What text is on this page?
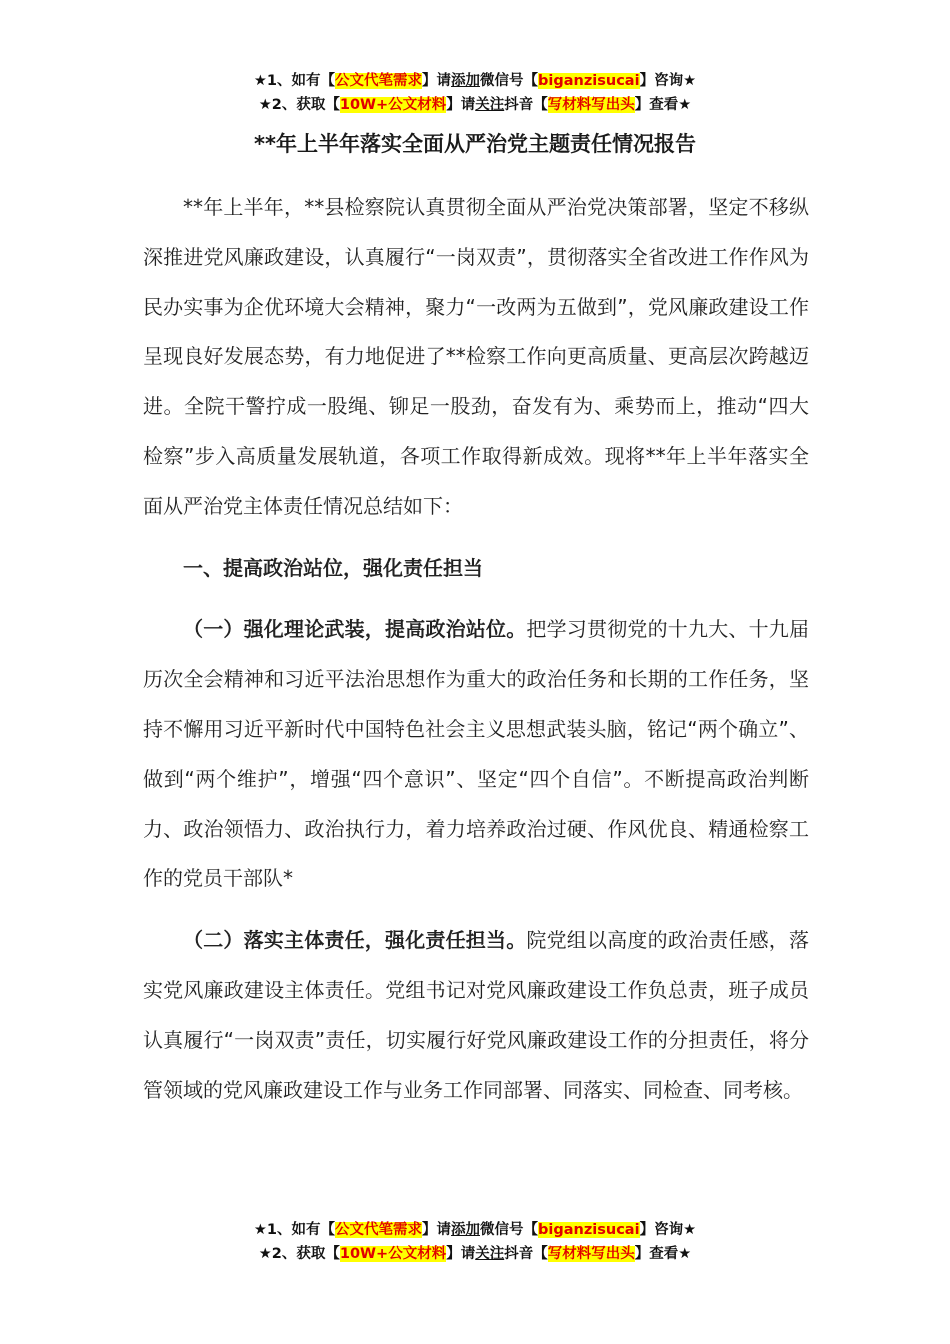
★1、如有【公文代笔需求】请添加微信号【biganzisucai】咨询★
★2、获取【10W+公文材料】请关注抖音【写材料写出头】查看★
**年上半年落实全面从严治党主题责任情况报告

**年上半年，**县检察院认真贯彻全面从严治党决策部署，坚定不移纵深推进党风廉政建设，认真履行“一岗双责”，贯彻落实全省改进工作作风为民办实事为企优环境大会精神，聚力“一改两为五做到”，党风廉政建设工作呈现良好发展态势，有力地促进了**检察工作向更高质量、更高层次跨越迈进。全院干警拧成一股绳、铆足一股劲，奋发有为、乘势而上，推动“四大检察”步入高质量发展轨道，各项工作取得新成效。现将**年上半年落实全面从严治党主体责任情况总结如下：

一、提高政治站位，强化责任担当

（一）强化理论武装，提高政治站位。把学习贯彻党的十九大、十九届历次全会精神和习近平法治思想作为重大的政治任务和长期的工作任务，坚持不懈用习近平新时代中国特色社会主义思想武装头脑，铭记“两个确立”、做到“两个维护”，增强“四个意识”、坚定“四个自信”。不断提高政治判断力、政治领悟力、政治执行力，着力培养政治过硬、作风优良、精通检察工作的党员干部队*

（二）落实主体责任，强化责任担当。院党组以高度的政治责任感，落实党风廉政建设主体责任。党组书记对党风廉政建设工作负总责，班子成员认真履行“一岗双责”责任，切实履行好党风廉政建设工作的分担责任，将分管领域的党风廉政建设工作与业务工作同部署、同落实、同检查、同考核。

★1、如有【公文代笔需求】请添加微信号【biganzisucai】咨询★
★2、获取【10W+公文材料】请关注抖音【写材料写出头】查看★
